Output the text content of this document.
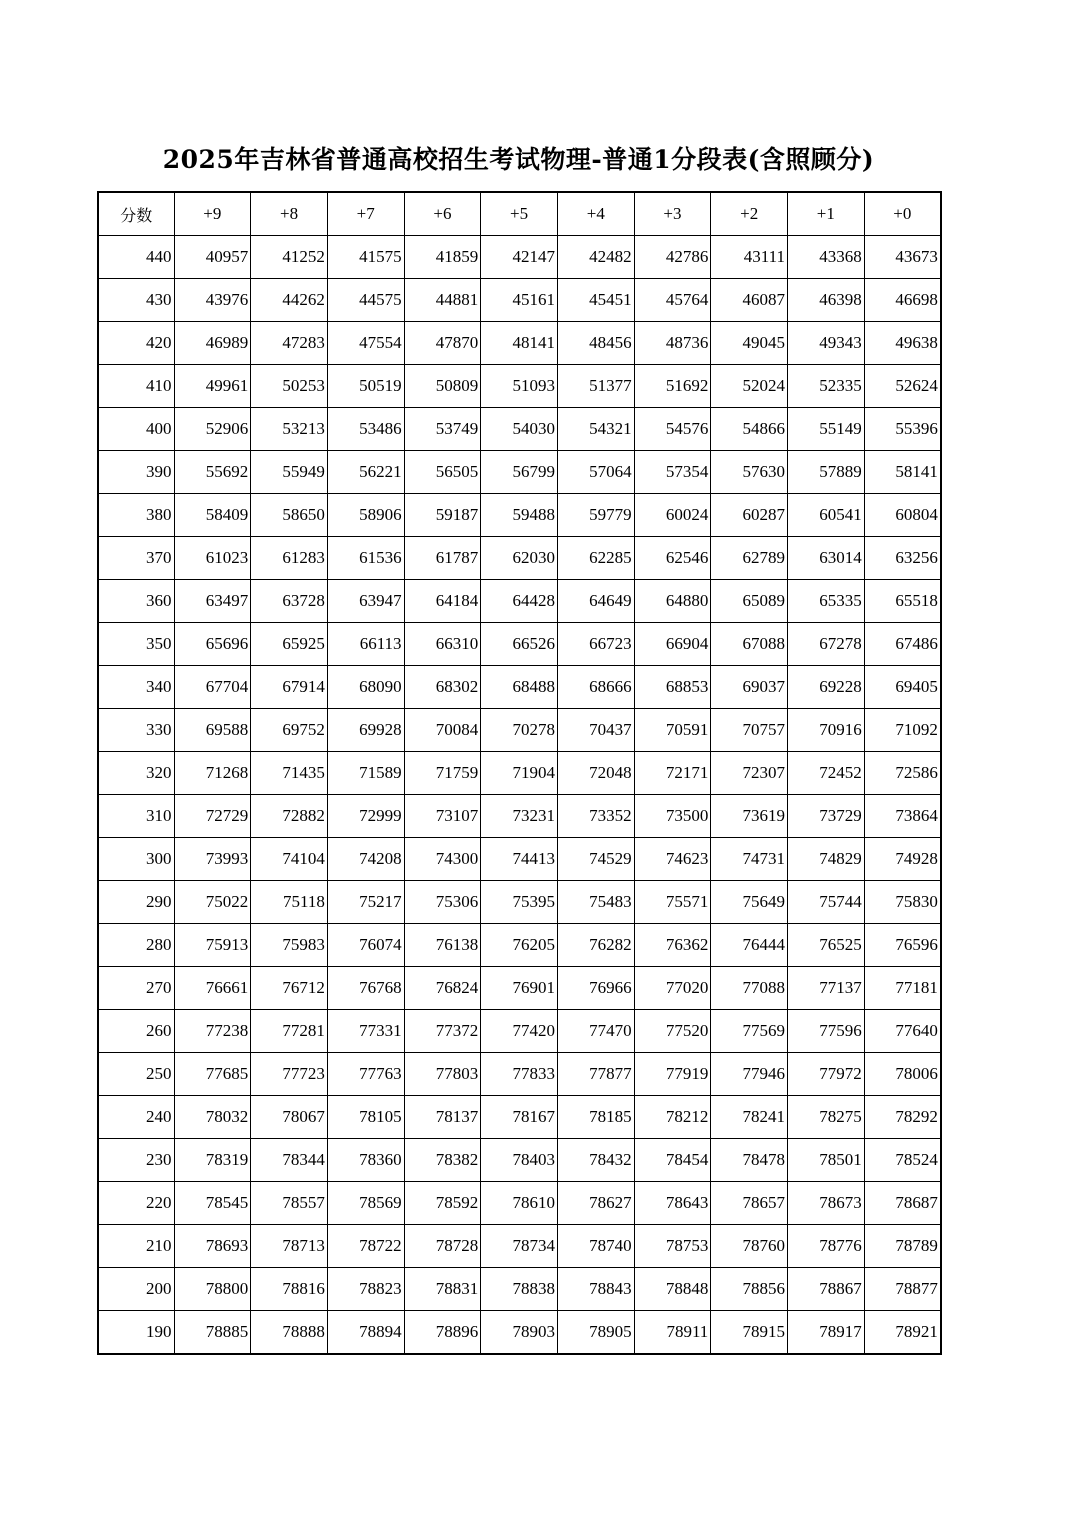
2025年吉林省普通高校招生考试物理-普通1分段表(含照顾分)
分数	+9	+8	+7	+6	+5	+4	+3	+2	+1	+0
440	40957	41252	41575	41859	42147	42482	42786	43111	43368	43673
430	43976	44262	44575	44881	45161	45451	45764	46087	46398	46698
420	46989	47283	47554	47870	48141	48456	48736	49045	49343	49638
410	49961	50253	50519	50809	51093	51377	51692	52024	52335	52624
400	52906	53213	53486	53749	54030	54321	54576	54866	55149	55396
390	55692	55949	56221	56505	56799	57064	57354	57630	57889	58141
380	58409	58650	58906	59187	59488	59779	60024	60287	60541	60804
370	61023	61283	61536	61787	62030	62285	62546	62789	63014	63256
360	63497	63728	63947	64184	64428	64649	64880	65089	65335	65518
350	65696	65925	66113	66310	66526	66723	66904	67088	67278	67486
340	67704	67914	68090	68302	68488	68666	68853	69037	69228	69405
330	69588	69752	69928	70084	70278	70437	70591	70757	70916	71092
320	71268	71435	71589	71759	71904	72048	72171	72307	72452	72586
310	72729	72882	72999	73107	73231	73352	73500	73619	73729	73864
300	73993	74104	74208	74300	74413	74529	74623	74731	74829	74928
290	75022	75118	75217	75306	75395	75483	75571	75649	75744	75830
280	75913	75983	76074	76138	76205	76282	76362	76444	76525	76596
270	76661	76712	76768	76824	76901	76966	77020	77088	77137	77181
260	77238	77281	77331	77372	77420	77470	77520	77569	77596	77640
250	77685	77723	77763	77803	77833	77877	77919	77946	77972	78006
240	78032	78067	78105	78137	78167	78185	78212	78241	78275	78292
230	78319	78344	78360	78382	78403	78432	78454	78478	78501	78524
220	78545	78557	78569	78592	78610	78627	78643	78657	78673	78687
210	78693	78713	78722	78728	78734	78740	78753	78760	78776	78789
200	78800	78816	78823	78831	78838	78843	78848	78856	78867	78877
190	78885	78888	78894	78896	78903	78905	78911	78915	78917	78921
